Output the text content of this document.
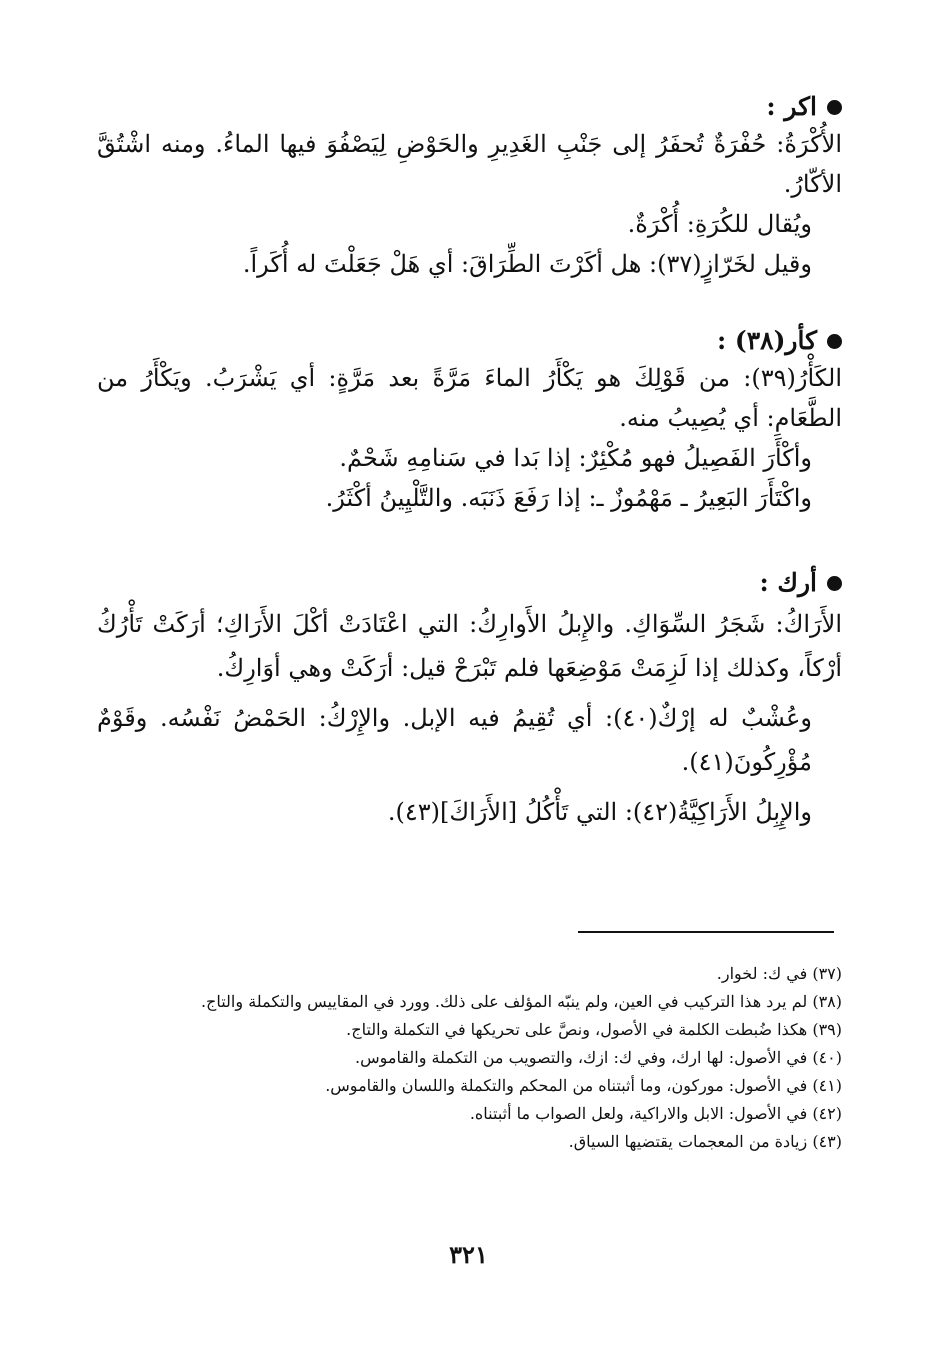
اكر :
الأُكْرَةُ: حُفْرَةٌ تُحفَرُ إلى جَنْبِ الغَدِيرِ والحَوْضِ لِيَصْفُوَ فيها الماءُ. ومنه اشْتُقَّ الأكّارُ.
ويُقال للكُرَةِ: أُكْرَةٌ.
وقيل لخَرّازٍ(٣٧): هل أكَرْتَ الطِّرَاقَ: أي هَلْ جَعَلْتَ له أُكَراً.
كأر(٣٨) :
الكَأْرُ(٣٩): من قَوْلِكَ هو يَكْأَرُ الماءَ مَرَّةً بعد مَرَّةٍ: أي يَشْرَبُ. ويَكْأَرُ من الطَّعَامِ: أي يُصِيبُ منه.
وأكْأَرَ الفَصِيلُ فهو مُكْئِرٌ: إذا بَدا في سَنامِهِ شَحْمٌ.
واكْتَأَرَ البَعِيرُ ـ مَهْمُوزٌ ـ: إذا رَفَعَ ذَنَبَه. والتَّلْيِينُ أكْثَرُ.
أرك :
الأَرَاكُ: شَجَرُ السِّوَاكِ. والإِبلُ الأَوارِكُ: التي اعْتَادَتْ أكْلَ الأَرَاكِ؛ أرَكَتْ تَأْرُكُ أرْكاً، وكذلك إذا لَزِمَتْ مَوْضِعَها فلم تَبْرَحْ قيل: أرَكَتْ وهي أوَارِكُ.
وعُشْبٌ له إرْكٌ(٤٠): أي تُقِيمُ فيه الإبل. والإِرْكُ: الحَمْضُ نَفْسُه. وقَوْمٌ مُؤْرِكُونَ(٤١).
والإِبِلُ الأَرَاكِيَّةُ(٤٢): التي تَأْكُلُ [الأَرَاكَ](٤٣).
(٣٧) في ك: لخوار.
(٣٨) لم يرد هذا التركيب في العين، ولم ينبّه المؤلف على ذلك. وورد في المقاييس والتكملة والتاج.
(٣٩) هكذا ضُبطت الكلمة في الأصول، ونصَّ على تحريكها في التكملة والتاج.
(٤٠) في الأصول: لها ارك، وفي ك: ازك، والتصويب من التكملة والقاموس.
(٤١) في الأصول: موركون، وما أثبتناه من المحكم والتكملة واللسان والقاموس.
(٤٢) في الأصول: الابل والاراكية، ولعل الصواب ما أثبتناه.
(٤٣) زيادة من المعجمات يقتضيها السياق.
٣٢١
